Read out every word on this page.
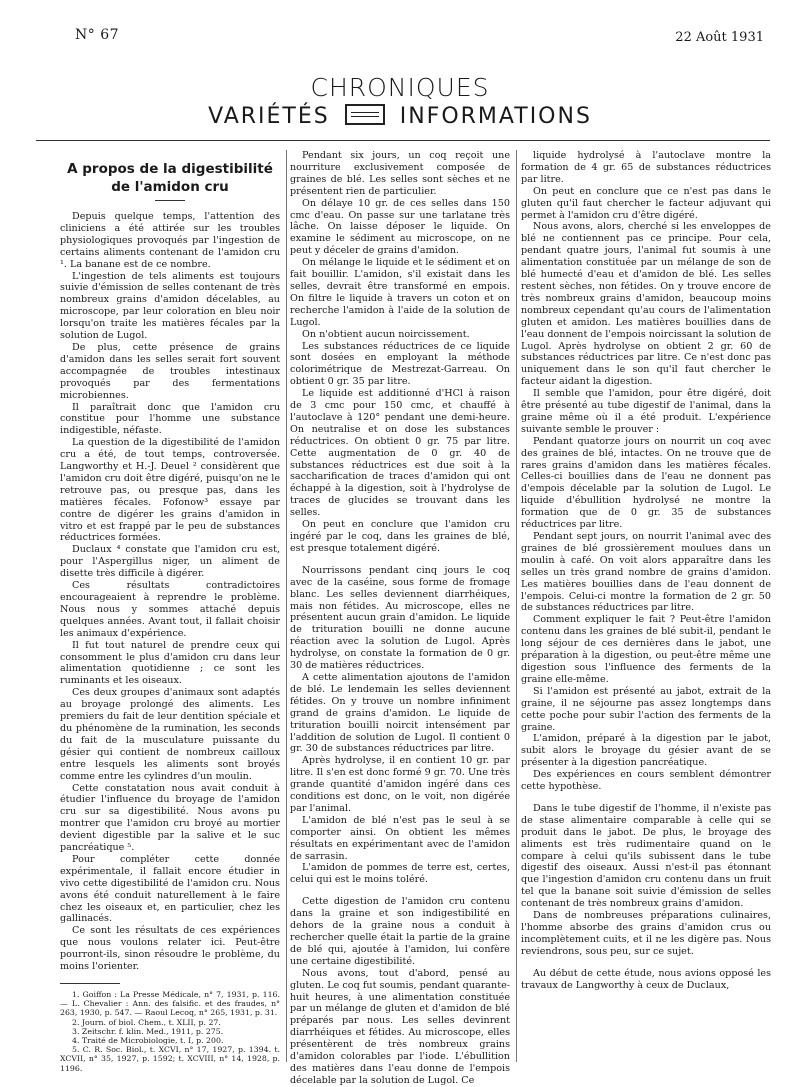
N° 67	22 Août 1931
CHRONIQUES
VARIÉTÉS	INFORMATIONS
A propos de la digestibilité
de l'amidon cru

Depuis quelque temps, l'attention des cliniciens a été attirée sur les troubles physiologiques provoqués par l'ingestion de certains aliments contenant de l'amidon cru ¹. La banane est de ce nombre.

L'ingestion de tels aliments est toujours suivie d'émission de selles contenant de très nombreux grains d'amidon décelables, au microscope, par leur coloration en bleu noir lorsqu'on traite les matières fécales par la solution de Lugol.

De plus, cette présence de grains d'amidon dans les selles serait fort souvent accompagnée de troubles intestinaux provoqués par des fermentations microbiennes.

Il paraîtrait donc que l'amidon cru constitue pour l'homme une substance indigestible, néfaste.

La question de la digestibilité de l'amidon cru a été, de tout temps, controversée. Langworthy et H.-J. Deuel ² considèrent que l'amidon cru doit être digéré, puisqu'on ne le retrouve pas, ou presque pas, dans les matières fécales. Fofonow³ essaye par contre de digérer les grains d'amidon in vitro et est frappé par le peu de substances réductrices formées.

Duclaux ⁴ constate que l'amidon cru est, pour l'Aspergillus niger, un aliment de disette très difficile à digérer.

Ces résultats contradictoires encourageaient à reprendre le problème. Nous nous y sommes attaché depuis quelques années. Avant tout, il fallait choisir les animaux d'expérience.

Il fut tout naturel de prendre ceux qui consomment le plus d'amidon cru dans leur alimentation quotidienne ; ce sont les ruminants et les oiseaux.

Ces deux groupes d'animaux sont adaptés au broyage prolongé des aliments. Les premiers du fait de leur dentition spéciale et du phénomène de la rumination, les seconds du fait de la musculature puissante du gésier qui contient de nombreux cailloux entre lesquels les aliments sont broyés comme entre les cylindres d'un moulin.

Cette constatation nous avait conduit à étudier l'influence du broyage de l'amidon cru sur sa digestibilité. Nous avons pu montrer que l'amidon cru broyé au mortier devient digestible par la salive et le suc pancréatique ⁵.

Pour compléter cette donnée expérimentale, il fallait encore étudier in vivo cette digestibilité de l'amidon cru. Nous avons été conduit naturellement à le faire chez les oiseaux et, en particulier, chez les gallinacés.

Ce sont les résultats de ces expériences que nous voulons relater ici. Peut-être pourront-ils, sinon résoudre le problème, du moins l'orienter.

1. Goiffon : La Presse Médicale, n° 7, 1931, p. 116. — L. Chevalier : Ann. des falsific. et des fraudes, n° 263, 1930, p. 547. — Raoul Lecoq, n° 265, 1931, p. 31.

2. Journ. of biol. Chem., t. XLII, p. 27.

3. Zeitschr. f. klin. Med., 1911, p. 275.

4. Traité de Microbiologie, t. I, p. 200.

5. C. R. Soc. Biol., t. XCVI, n° 17, 1927, p. 1394. t. XCVII, n° 35, 1927, p. 1592; t. XCVIII, n° 14, 1928, p. 1196.

Pendant six jours, un coq reçoit une nourriture exclusivement composée de graines de blé. Les selles sont sèches et ne présentent rien de particulier.

On délaye 10 gr. de ces selles dans 150 cmc d'eau. On passe sur une tarlatane très lâche. On laisse déposer le liquide. On examine le sédiment au microscope, on ne peut y déceler de grains d'amidon.

On mélange le liquide et le sédiment et on fait bouillir. L'amidon, s'il existait dans les selles, devrait être transformé en empois. On filtre le liquide à travers un coton et on recherche l'amidon à l'aide de la solution de Lugol.

On n'obtient aucun noircissement.

Les substances réductrices de ce liquide sont dosées en employant la méthode colorimétrique de Mestrezat-Garreau. On obtient 0 gr. 35 par litre.

Le liquide est additionné d'HCl à raison de 3 cmc pour 150 cmc, et chauffé à l'autoclave à 120° pendant une demi-heure. On neutralise et on dose les substances réductrices. On obtient 0 gr. 75 par litre. Cette augmentation de 0 gr. 40 de substances réductrices est due soit à la saccharification de traces d'amidon qui ont échappé à la digestion, soit à l'hydrolyse de traces de glucides se trouvant dans les selles.

On peut en conclure que l'amidon cru ingéré par le coq, dans les graines de blé, est presque totalement digéré.

Nourrissons pendant cinq jours le coq avec de la caséine, sous forme de fromage blanc. Les selles deviennent diarrhéiques, mais non fétides. Au microscope, elles ne présentent aucun grain d'amidon. Le liquide de trituration bouilli ne donne aucune réaction avec la solution de Lugol. Après hydrolyse, on constate la formation de 0 gr. 30 de matières réductrices.

A cette alimentation ajoutons de l'amidon de blé. Le lendemain les selles deviennent fétides. On y trouve un nombre infiniment grand de grains d'amidon. Le liquide de trituration bouilli noircit intensément par l'addition de solution de Lugol. Il contient 0 gr. 30 de substances réductrices par litre.

Après hydrolyse, il en contient 10 gr. par litre. Il s'en est donc formé 9 gr. 70. Une très grande quantité d'amidon ingéré dans ces conditions est donc, on le voit, non digérée par l'animal.

L'amidon de blé n'est pas le seul à se comporter ainsi. On obtient les mêmes résultats en expérimentant avec de l'amidon de sarrasin.

L'amidon de pommes de terre est, certes, celui qui est le moins toléré.

Cette digestion de l'amidon cru contenu dans la graine et son indigestibilité en dehors de la graine nous a conduit à rechercher quelle était la partie de la graine de blé qui, ajoutée à l'amidon, lui confère une certaine digestibilité.

Nous avons, tout d'abord, pensé au gluten. Le coq fut soumis, pendant quarante-huit heures, à une alimentation constituée par un mélange de gluten et d'amidon de blé préparés par nous. Les selles devinrent diarrhéiques et fétides. Au microscope, elles présentèrent de très nombreux grains d'amidon colorables par l'iode. L'ébullition des matières dans l'eau donne de l'empois décelable par la solution de Lugol. Ce

liquide hydrolysé à l'autoclave montre la formation de 4 gr. 65 de substances réductrices par litre.

On peut en conclure que ce n'est pas dans le gluten qu'il faut chercher le facteur adjuvant qui permet à l'amidon cru d'être digéré.

Nous avons, alors, cherché si les enveloppes de blé ne contiennent pas ce principe. Pour cela, pendant quatre jours, l'animal fut soumis à une alimentation constituée par un mélange de son de blé humecté d'eau et d'amidon de blé. Les selles restent sèches, non fétides. On y trouve encore de très nombreux grains d'amidon, beaucoup moins nombreux cependant qu'au cours de l'alimentation gluten et amidon. Les matières bouillies dans de l'eau donnent de l'empois noircissant la solution de Lugol. Après hydrolyse on obtient 2 gr. 60 de substances réductrices par litre. Ce n'est donc pas uniquement dans le son qu'il faut chercher le facteur aidant la digestion.

Il semble que l'amidon, pour être digéré, doit être présenté au tube digestif de l'animal, dans la graine même où il a été produit. L'expérience suivante semble le prouver :

Pendant quatorze jours on nourrit un coq avec des graines de blé, intactes. On ne trouve que de rares grains d'amidon dans les matières fécales. Celles-ci bouillies dans de l'eau ne donnent pas d'empois décelable par la solution de Lugol. Le liquide d'ébullition hydrolysé ne montre la formation que de 0 gr. 35 de substances réductrices par litre.

Pendant sept jours, on nourrit l'animal avec des graines de blé grossièrement moulues dans un moulin à café. On voit alors apparaître dans les selles un très grand nombre de grains d'amidon. Les matières bouillies dans de l'eau donnent de l'empois. Celui-ci montre la formation de 2 gr. 50 de substances réductrices par litre.

Comment expliquer le fait ? Peut-être l'amidon contenu dans les graines de blé subit-il, pendant le long séjour de ces dernières dans le jabot, une préparation à la digestion, ou peut-être même une digestion sous l'influence des ferments de la graine elle-même.

Si l'amidon est présenté au jabot, extrait de la graine, il ne séjourne pas assez longtemps dans cette poche pour subir l'action des ferments de la graine.

L'amidon, préparé à la digestion par le jabot, subit alors le broyage du gésier avant de se présenter à la digestion pancréatique.

Des expériences en cours semblent démontrer cette hypothèse.

Dans le tube digestif de l'homme, il n'existe pas de stase alimentaire comparable à celle qui se produit dans le jabot. De plus, le broyage des aliments est très rudimentaire quand on le compare à celui qu'ils subissent dans le tube digestif des oiseaux. Aussi n'est-il pas étonnant que l'ingestion d'amidon cru contenu dans un fruit tel que la banane soit suivie d'émission de selles contenant de très nombreux grains d'amidon.

Dans de nombreuses préparations culinaires, l'homme absorbe des grains d'amidon crus ou incomplètement cuits, et il ne les digère pas. Nous reviendrons, sous peu, sur ce sujet.

Au début de cette étude, nous avions opposé les travaux de Langworthy à ceux de Duclaux,
